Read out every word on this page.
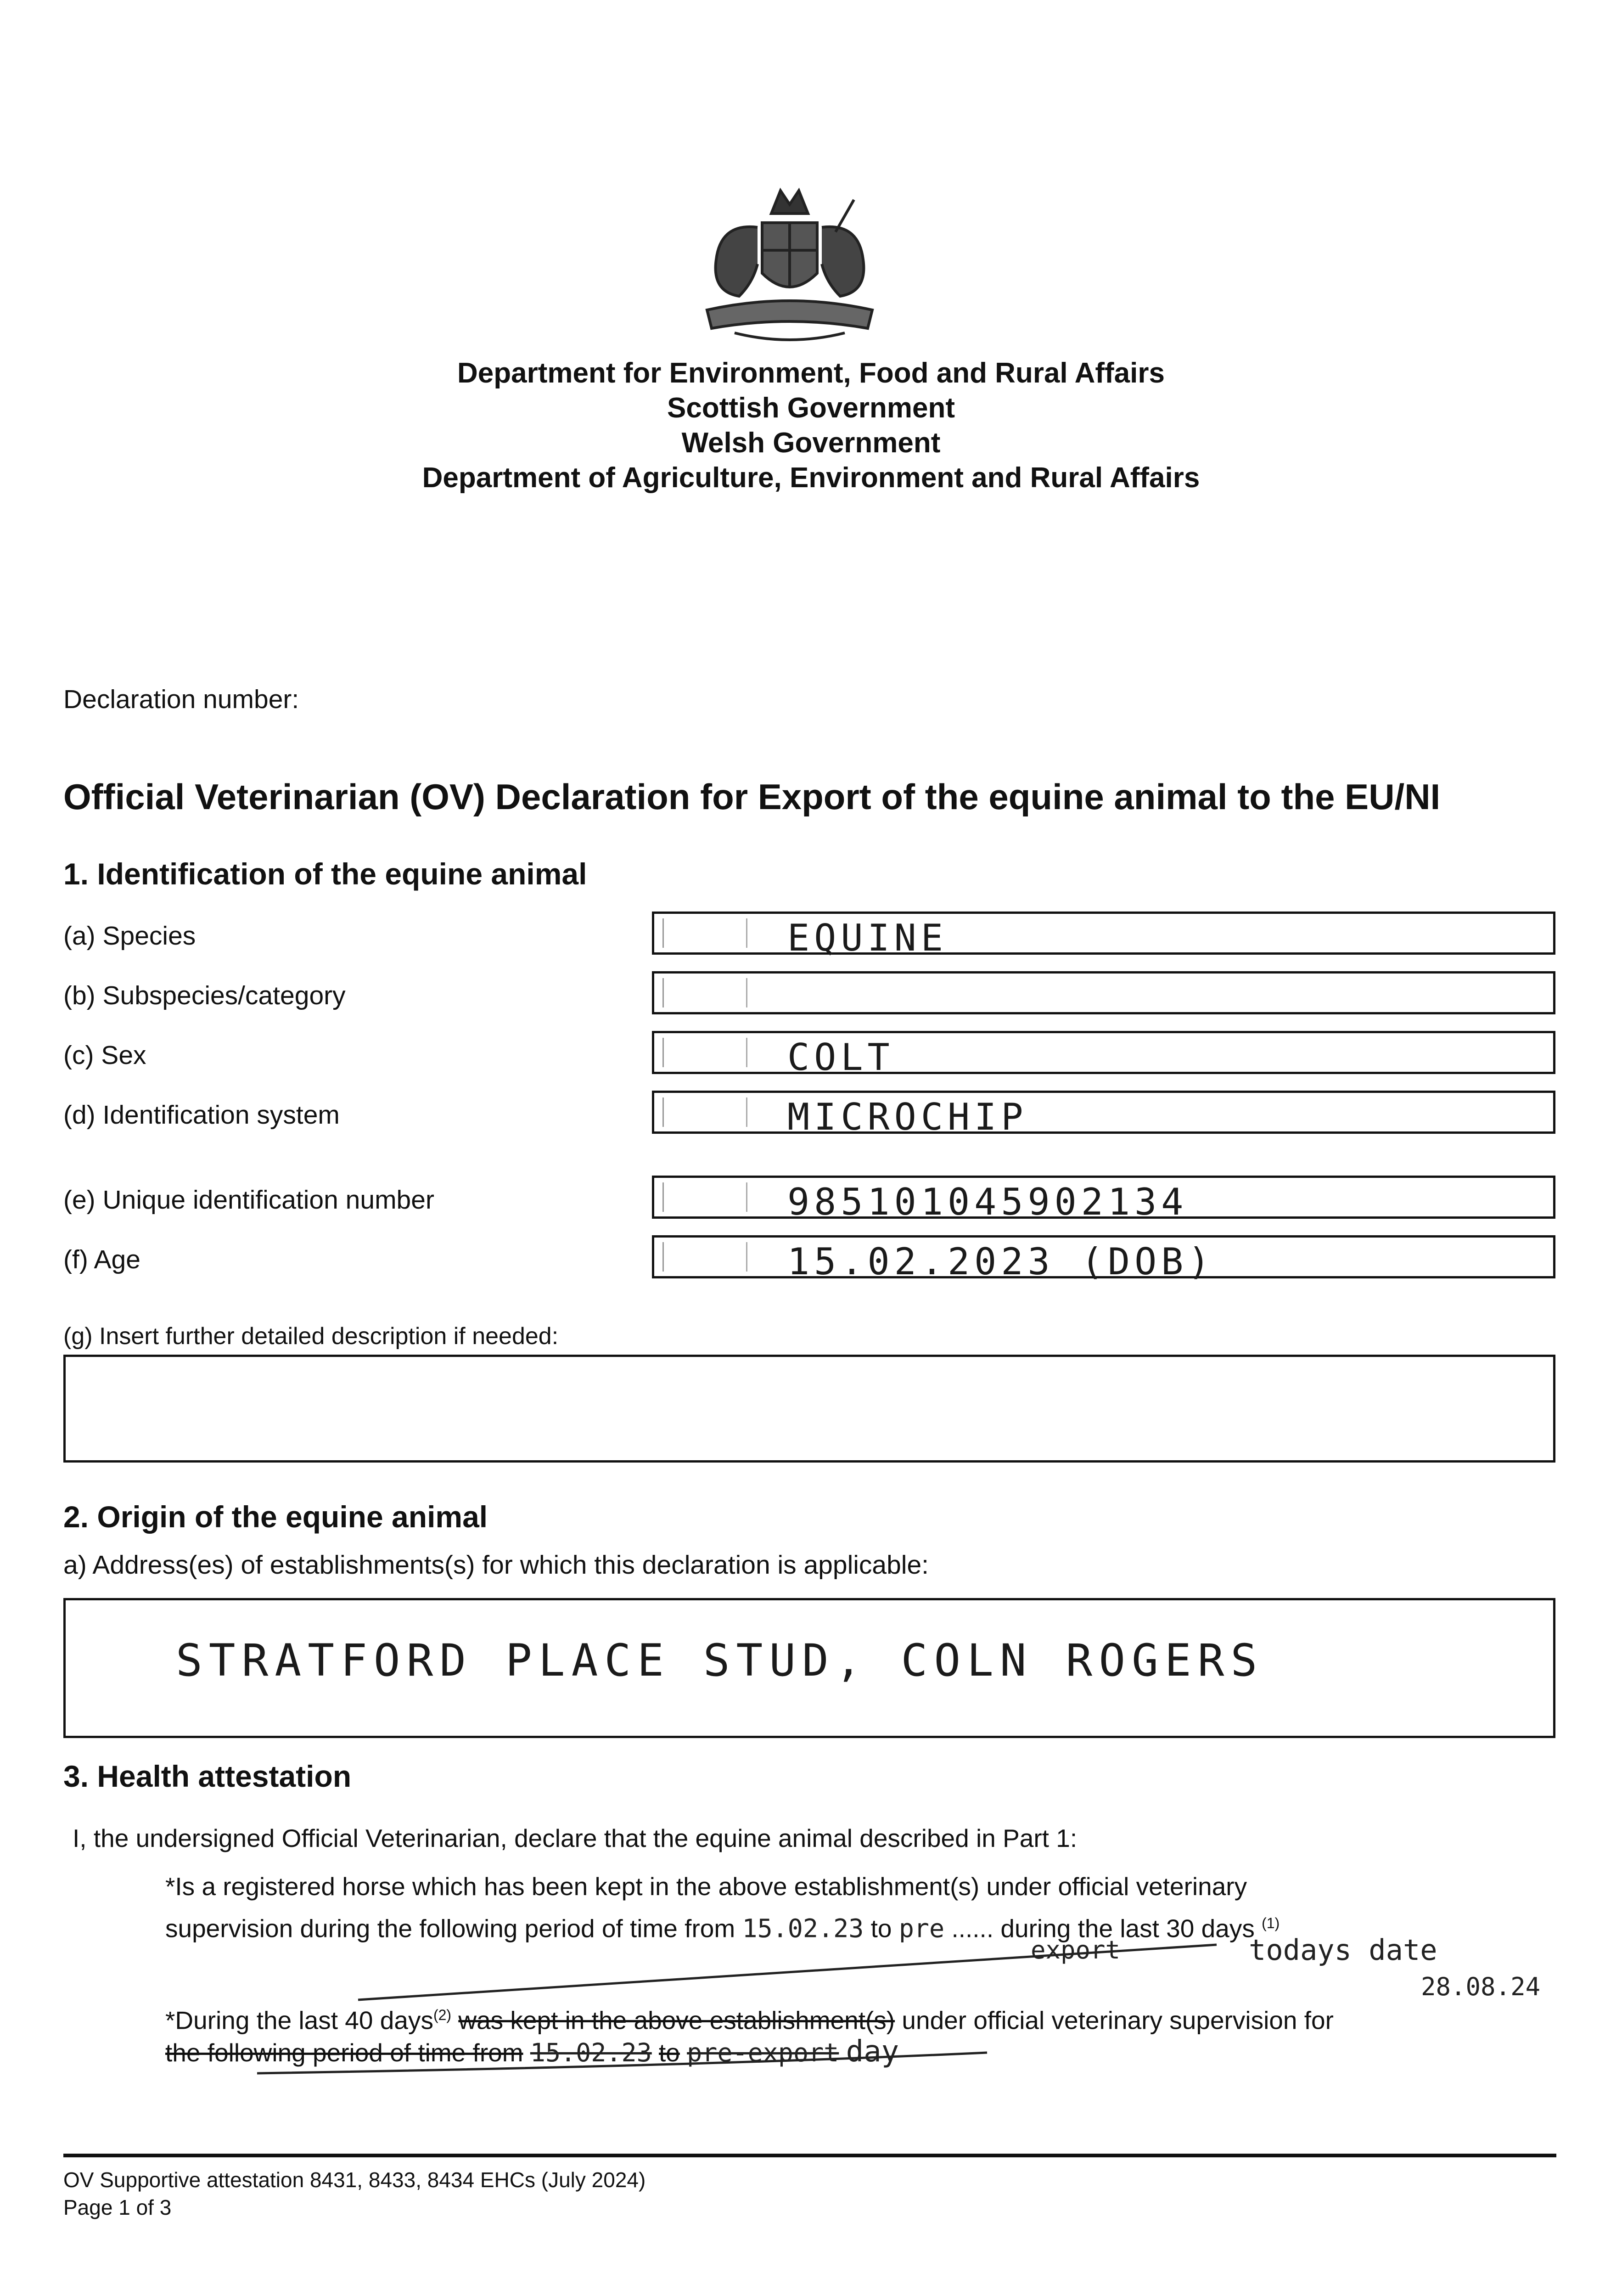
Department for Environment, Food and Rural Affairs
Scottish Government
Welsh Government
Department of Agriculture, Environment and Rural Affairs
Declaration number:
Official Veterinarian (OV) Declaration for Export of the equine animal to the EU/NI
1. Identification of the equine animal
(a) Species	EQUINE
(b) Subspecies/category
(c) Sex	COLT
(d) Identification system	MICROCHIP
(e) Unique identification number	985101045902134
(f) Age	15.02.2023 (DOB)
(g) Insert further detailed description if needed:
2. Origin of the equine animal
a) Address(es) of establishments(s) for which this declaration is applicable:
STRATFORD PLACE STUD, COLN ROGERS
3. Health attestation
I, the undersigned Official Veterinarian, declare that the equine animal described in Part 1:
*Is a registered horse which has been kept in the above establishment(s) under official veterinary
supervision during the following period of time from 15.02.23 to pre ...... during the last 30 days $^{(1)}$
export	todays date
28.08.24
*During the last 40 days$^{(2)}$ was kept in the above establishment(s) under official veterinary supervision for
the following period of time from 15.02.23 to pre-export day
OV Supportive attestation 8431, 8433, 8434 EHCs (July 2024)
Page 1 of 3
